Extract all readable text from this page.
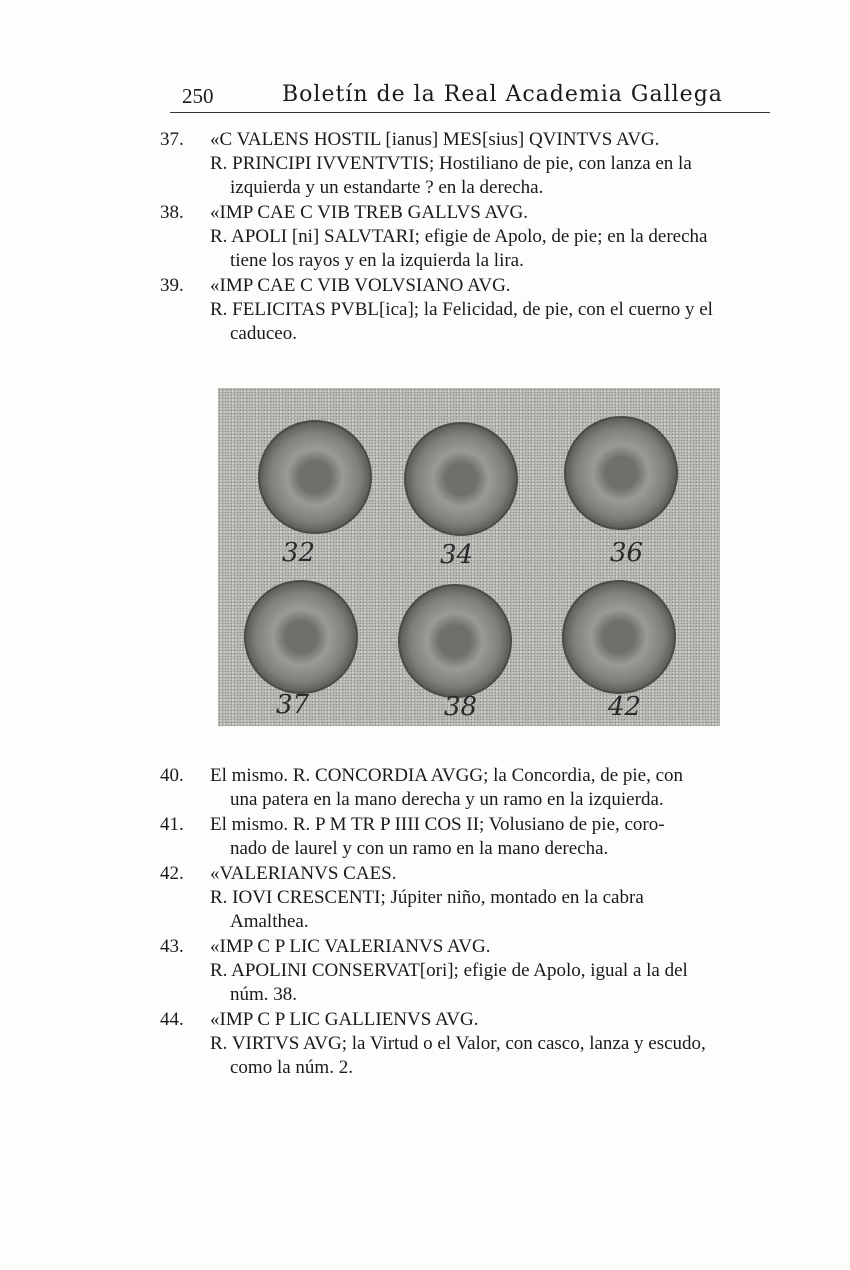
250	Boletín de la Real Academia Gallega
37.	«C VALENS HOSTIL [ianus] MES[sius] QVINTVS AVG.
R. PRINCIPI IVVENTVTIS; Hostiliano de pie, con lanza en la
izquierda y un estandarte ? en la derecha.
38.	«IMP CAE C VIB TREB GALLVS AVG.
R. APOLI [ni] SALVTARI; efigie de Apolo, de pie; en la derecha
tiene los rayos y en la izquierda la lira.
39.	«IMP CAE C VIB VOLVSIANO AVG.
R. FELICITAS PVBL[ica]; la Felicidad, de pie, con el cuerno y el
caduceo.
32	34	36
37	38	42
40.	El mismo. R. CONCORDIA AVGG; la Concordia, de pie, con
una patera en la mano derecha y un ramo en la izquierda.
41.	El mismo. R. P M TR P IIII COS II; Volusiano de pie, coro-
nado de laurel y con un ramo en la mano derecha.
42.	«VALERIANVS CAES.
R. IOVI CRESCENTI; Júpiter niño, montado en la cabra
Amalthea.
43.	«IMP C P LIC VALERIANVS AVG.
R. APOLINI CONSERVAT[ori]; efigie de Apolo, igual a la del
núm. 38.
44.	«IMP C P LIC GALLIENVS AVG.
R. VIRTVS AVG; la Virtud o el Valor, con casco, lanza y escudo,
como la núm. 2.
